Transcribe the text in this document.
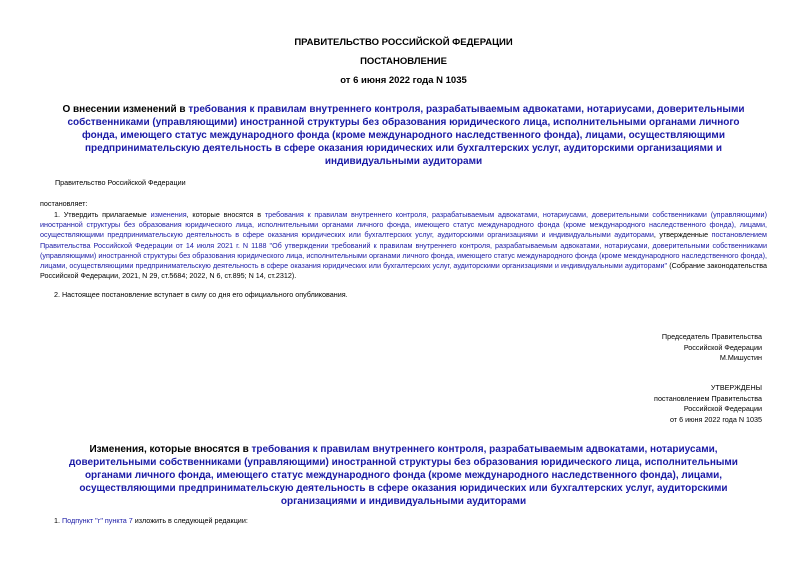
ПРАВИТЕЛЬСТВО РОССИЙСКОЙ ФЕДЕРАЦИИ
ПОСТАНОВЛЕНИЕ
от 6 июня 2022 года N 1035
О внесении изменений в требования к правилам внутреннего контроля, разрабатываемым адвокатами, нотариусами, доверительными собственниками (управляющими) иностранной структуры без образования юридического лица, исполнительными органами личного фонда, имеющего статус международного фонда (кроме международного наследственного фонда), лицами, осуществляющими предпринимательскую деятельность в сфере оказания юридических или бухгалтерских услуг, аудиторскими организациями и индивидуальными аудиторами
Правительство Российской Федерации
постановляет:
1. Утвердить прилагаемые изменения, которые вносятся в требования к правилам внутреннего контроля, разрабатываемым адвокатами, нотариусами, доверительными собственниками (управляющими) иностранной структуры без образования юридического лица, исполнительными органами личного фонда, имеющего статус международного фонда (кроме международного наследственного фонда), лицами, осуществляющими предпринимательскую деятельность в сфере оказания юридических или бухгалтерских услуг, аудиторскими организациями и индивидуальными аудиторами, утвержденные постановлением Правительства Российской Федерации от 14 июля 2021 г. N 1188 "Об утверждении требований к правилам внутреннего контроля, разрабатываемым адвокатами, нотариусами, доверительными собственниками (управляющими) иностранной структуры без образования юридического лица, исполнительными органами личного фонда, имеющего статус международного фонда (кроме международного наследственного фонда), лицами, осуществляющими предпринимательскую деятельность в сфере оказания юридических или бухгалтерских услуг, аудиторскими организациями и индивидуальными аудиторами" (Собрание законодательства Российской Федерации, 2021, N 29, ст.5684; 2022, N 6, ст.895; N 14, ст.2312).
2. Настоящее постановление вступает в силу со дня его официального опубликования.
Председатель Правительства
Российской Федерации
М.Мишустин
УТВЕРЖДЕНЫ
постановлением Правительства
Российской Федерации
от 6 июня 2022 года N 1035
Изменения, которые вносятся в требования к правилам внутреннего контроля, разрабатываемым адвокатами, нотариусами, доверительными собственниками (управляющими) иностранной структуры без образования юридического лица, исполнительными органами личного фонда, имеющего статус международного фонда (кроме международного наследственного фонда), лицами, осуществляющими предпринимательскую деятельность в сфере оказания юридических или бухгалтерских услуг, аудиторскими организациями и индивидуальными аудиторами
1. Подпункт "г" пункта 7 изложить в следующей редакции:
